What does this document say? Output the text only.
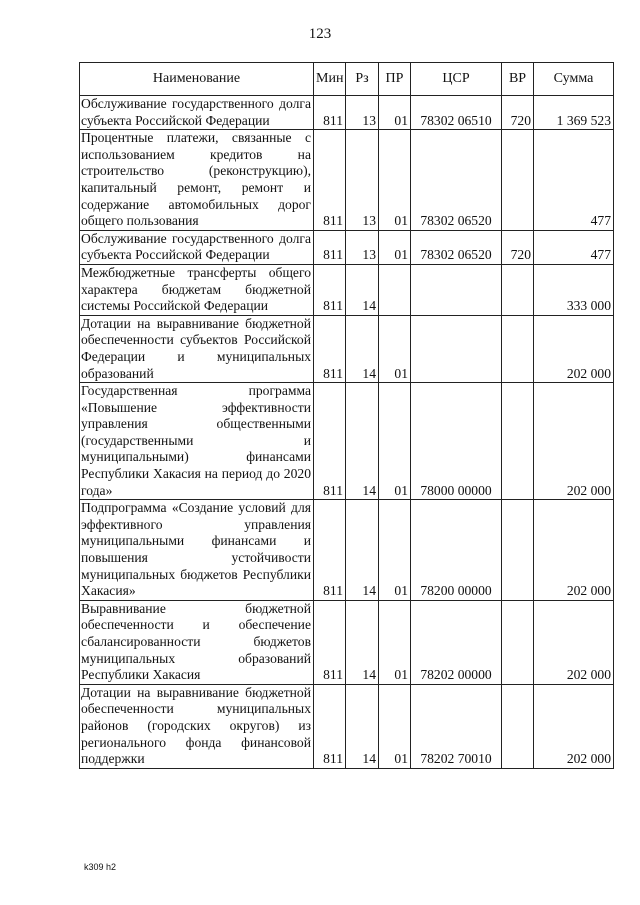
123
Наименование	Мин	Рз	ПР	ЦСР	ВР	Сумма
Обслуживание государственного долга субъекта Российской Федерации	811	13	01	78302 06510	720	1 369 523
Процентные платежи, связанные с использованием кредитов на строительство (реконструкцию), капитальный ремонт, ремонт и содержание автомобильных дорог общего пользования	811	13	01	78302 06520		477
Обслуживание государственного долга субъекта Российской Федерации	811	13	01	78302 06520	720	477
Межбюджетные трансферты общего характера бюджетам бюджетной системы Российской Федерации	811	14				333 000
Дотации на выравнивание бюджетной обеспеченности субъектов Российской Федерации и муниципальных образований	811	14	01			202 000
Государственная программа «Повышение эффективности управления общественными (государственными и муниципальными) финансами Республики Хакасия на период до 2020 года»	811	14	01	78000 00000		202 000
Подпрограмма «Создание условий для эффективного управления муниципальными финансами и повышения устойчивости муниципальных бюджетов Республики Хакасия»	811	14	01	78200 00000		202 000
Выравнивание бюджетной обеспеченности и обеспечение сбалансированности бюджетов муниципальных образований Республики Хакасия	811	14	01	78202 00000		202 000
Дотации на выравнивание бюджетной обеспеченности муниципальных районов (городских округов) из регионального фонда финансовой поддержки	811	14	01	78202 70010		202 000
k309 h2
